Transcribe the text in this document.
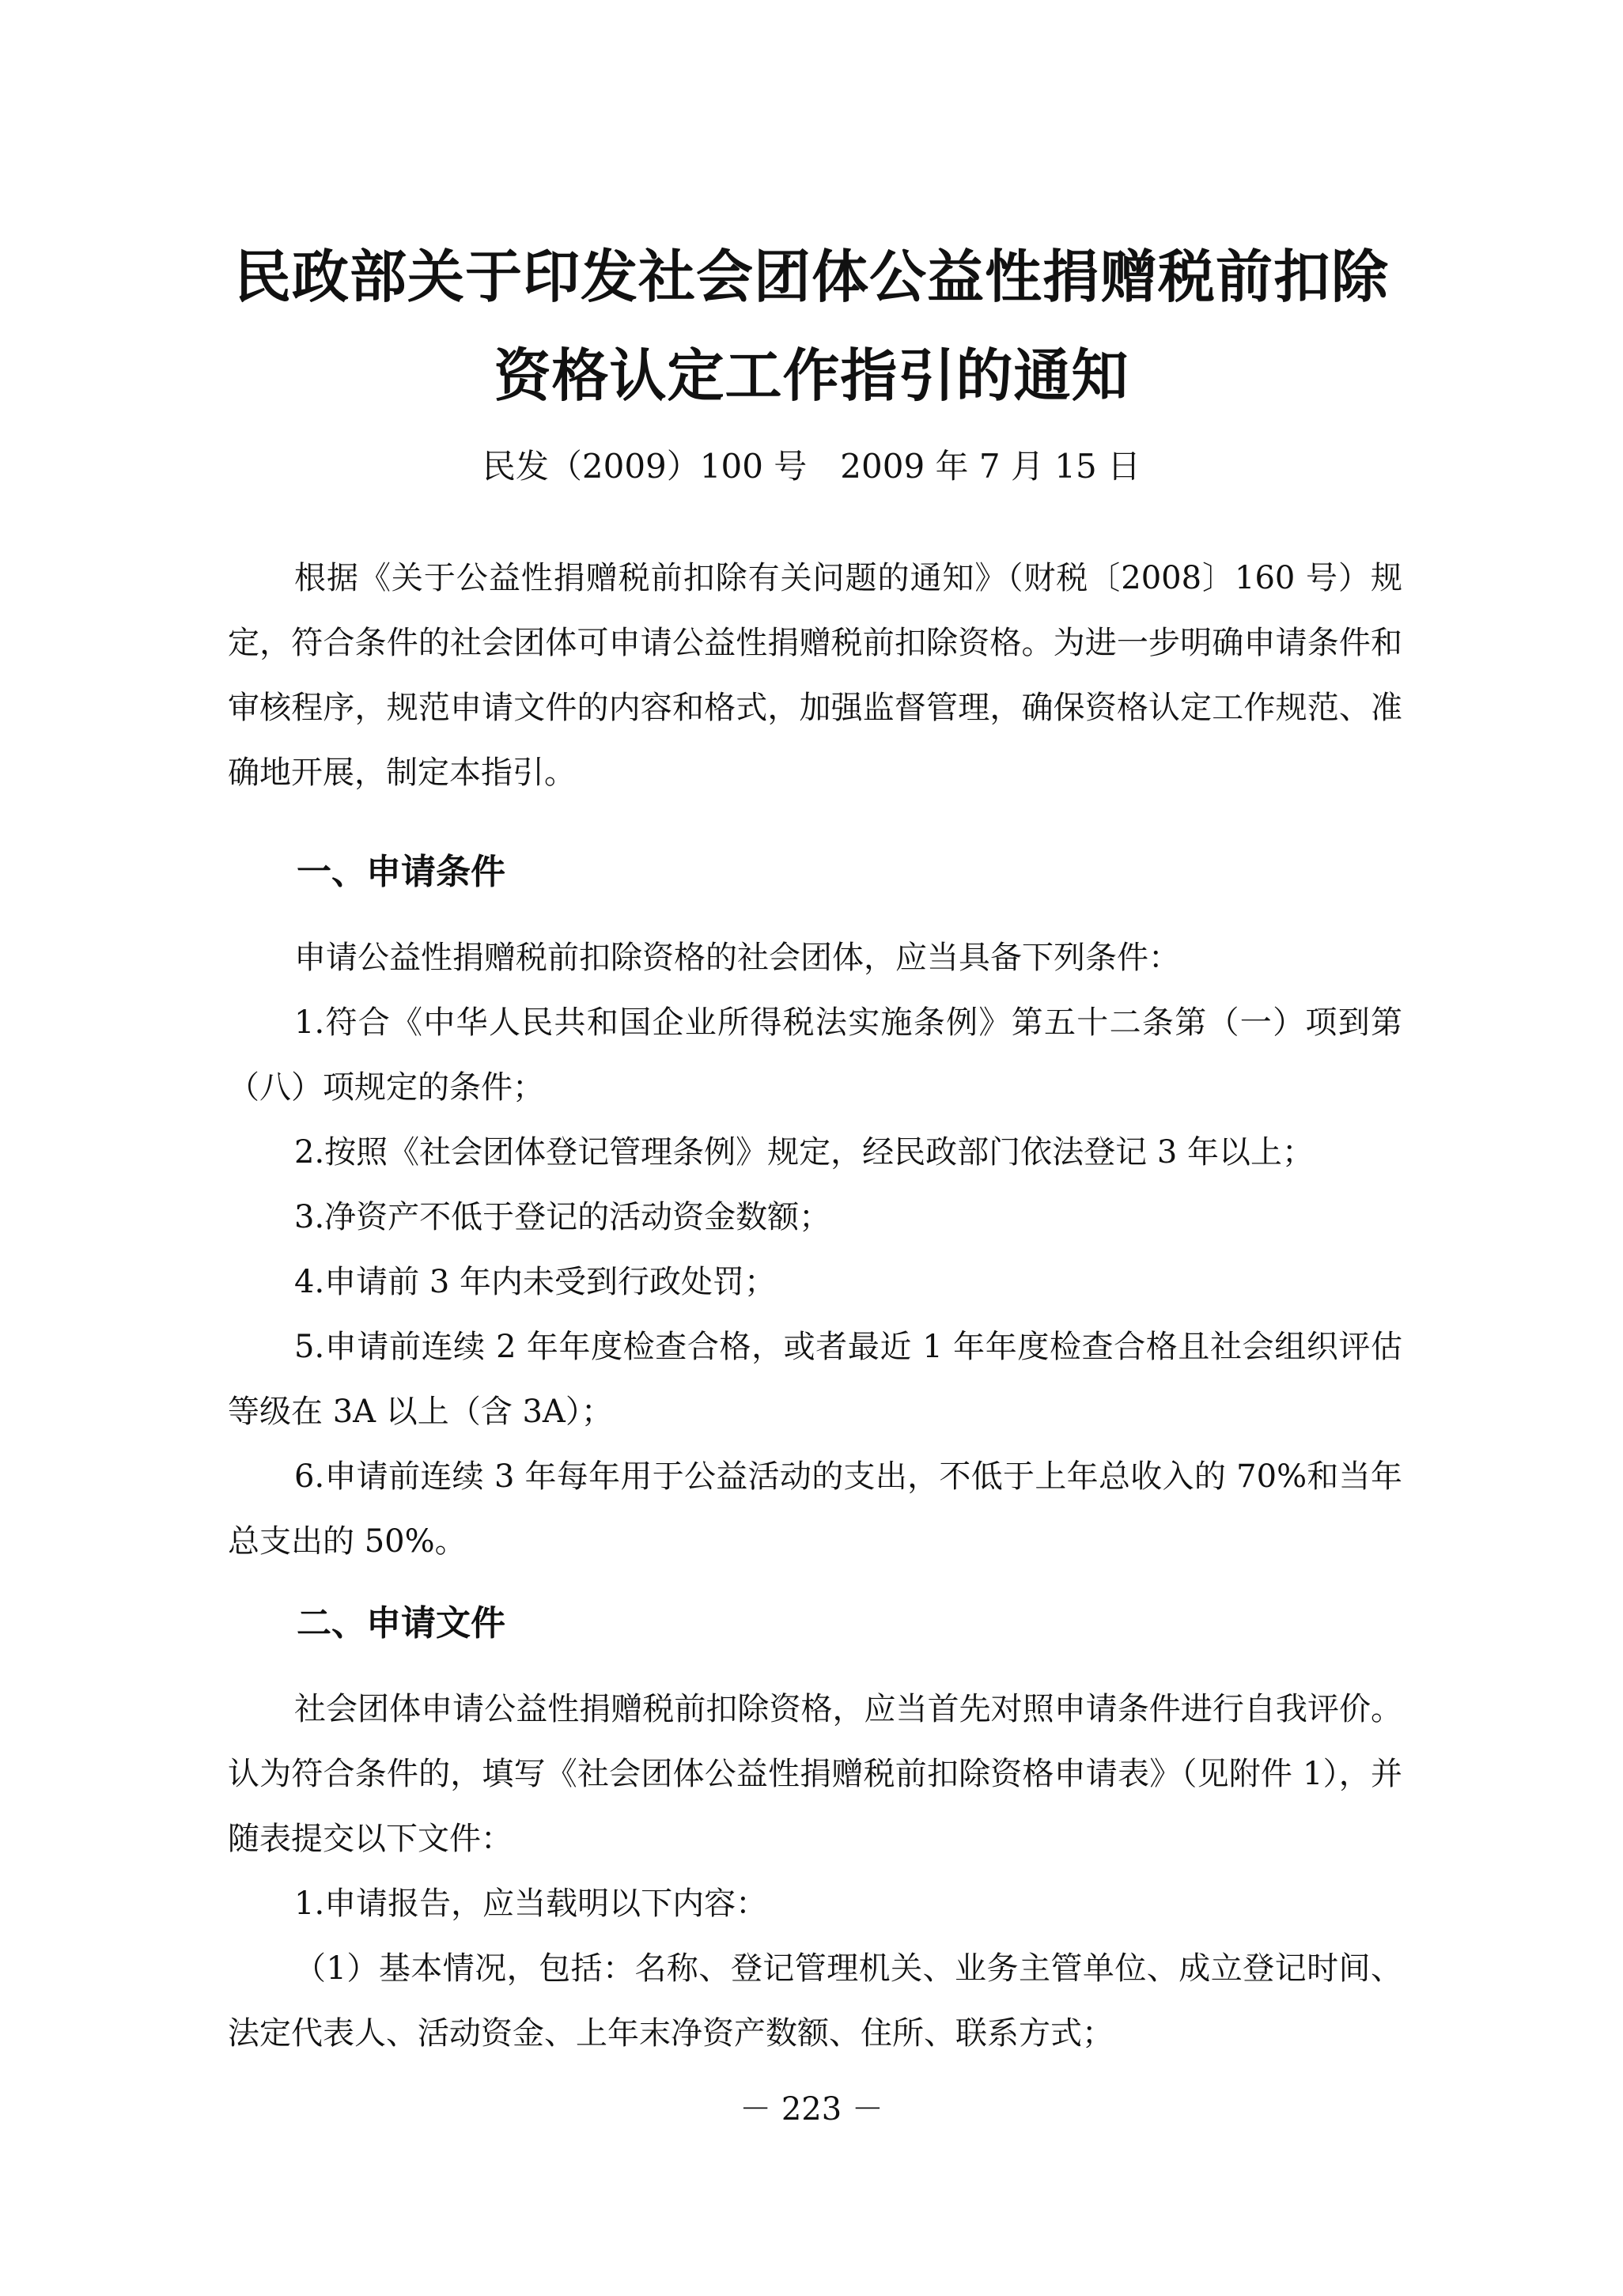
民政部关于印发社会团体公益性捐赠税前扣除
资格认定工作指引的通知
民发（2009）100 号　2009 年 7 月 15 日

根据《关于公益性捐赠税前扣除有关问题的通知》（财税〔2008〕160 号）规定，符合条件的社会团体可申请公益性捐赠税前扣除资格。为进一步明确申请条件和审核程序，规范申请文件的内容和格式，加强监督管理，确保资格认定工作规范、准确地开展，制定本指引。

一、申请条件

申请公益性捐赠税前扣除资格的社会团体，应当具备下列条件：

1.符合《中华人民共和国企业所得税法实施条例》第五十二条第（一）项到第（八）项规定的条件；

2.按照《社会团体登记管理条例》规定，经民政部门依法登记 3 年以上；

3.净资产不低于登记的活动资金数额；

4.申请前 3 年内未受到行政处罚；

5.申请前连续 2 年年度检查合格，或者最近 1 年年度检查合格且社会组织评估等级在 3A 以上（含 3A）；

6.申请前连续 3 年每年用于公益活动的支出，不低于上年总收入的 70%和当年总支出的 50%。

二、申请文件

社会团体申请公益性捐赠税前扣除资格，应当首先对照申请条件进行自我评价。认为符合条件的，填写《社会团体公益性捐赠税前扣除资格申请表》（见附件 1），并随表提交以下文件：

1.申请报告，应当载明以下内容：

（1）基本情况，包括：名称、登记管理机关、业务主管单位、成立登记时间、法定代表人、活动资金、上年末净资产数额、住所、联系方式；

－ 223 －
